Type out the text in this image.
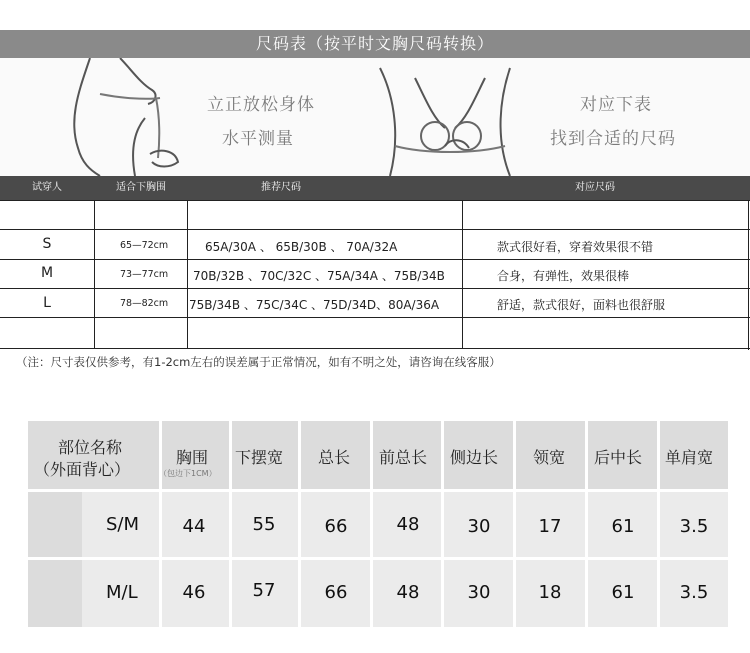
尺码表（按平时文胸尺码转换）
立正放松身体
水平测量
对应下表
找到合适的尺码
试穿人	适合下胸围	推荐尺码	对应尺码
S	65—72cm	65A/30A 、 65B/30B 、 70A/32A	款式很好看，穿着效果很不错
M	73—77cm 70B/32B 、70C/32C 、75A/34A 、75B/34B	合身，有弹性，效果很棒
L	78—82cm 75B/34B 、75C/34C 、75D/34D、80A/36A	舒适，款式很好，面料也很舒服
（注：尺寸表仅供参考，有1-2cm左右的误差属于正常情况，如有不明之处，请咨询在线客服）
部位名称
（外面背心）
胸围
（包边下1CM）
下摆宽 总长 前总长 侧边长 领宽 后中长 单肩宽
S/M	44	55	66	48	30	17	61	3.5
M/L	46	57	66	48	30	18	61	3.5
